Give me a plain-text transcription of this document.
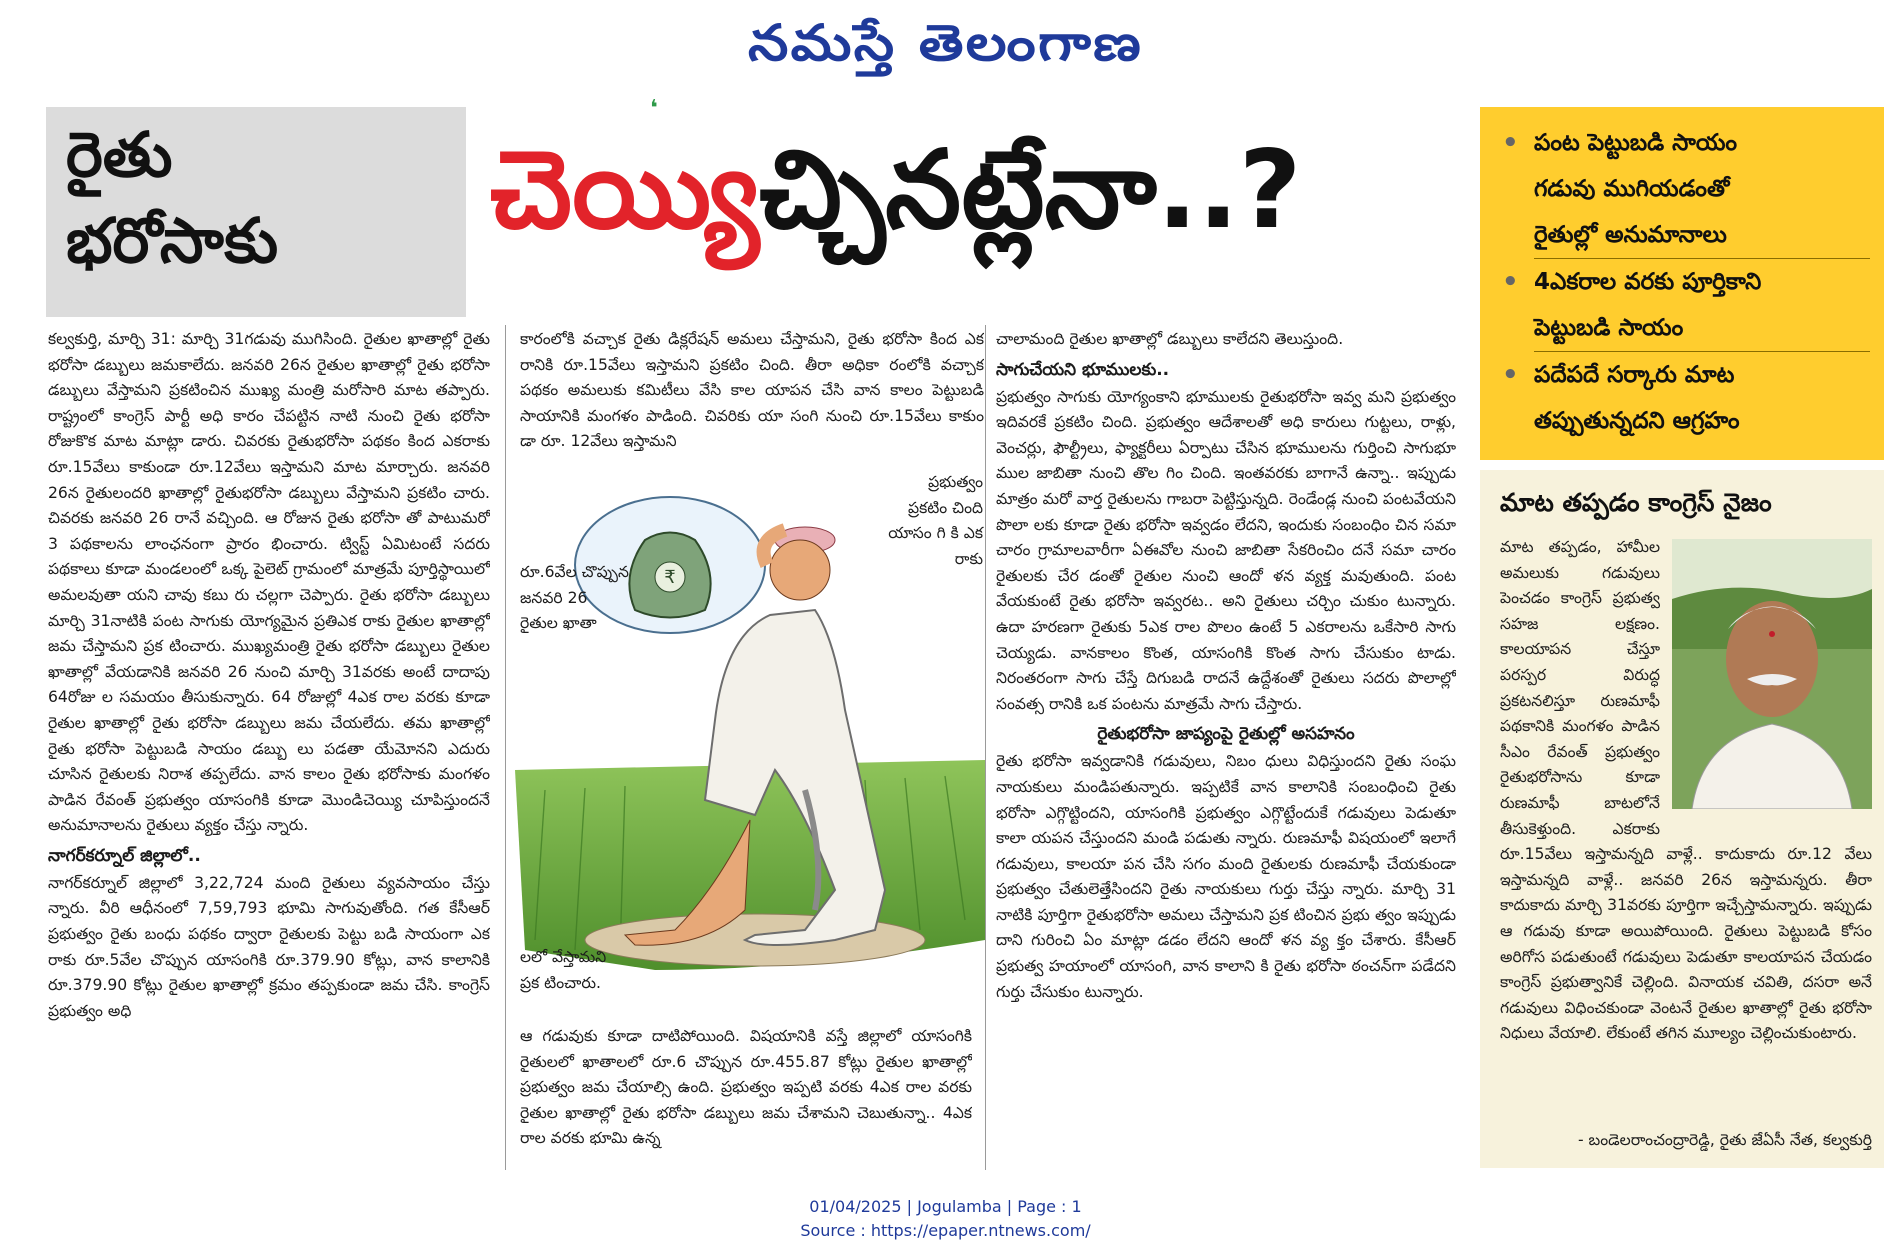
నమస్తే తెలంగాణ
రైతు
భరోసాకు
❛
చెయ్యిచ్చినట్లేనా..?	• పంట పెట్టుబడి సాయం
గడువు ముగియడంతో
రైతుల్లో అనుమానాలు
• 4ఎకరాల వరకు పూర్తికాని
పెట్టుబడి సాయం
• పదేపదే సర్కారు మాట
తప్పుతున్నదని ఆగ్రహం

కల్వకుర్తి, మార్చి 31: మార్చి 31గడువు ముగిసింది. రైతుల ఖాతాల్లో రైతు భరోసా డబ్బులు జమకాలేదు. జనవరి 26న రైతుల ఖాతాల్లో రైతు భరోసా డబ్బులు వేస్తామని ప్రకటించిన ముఖ్య మంత్రి మరోసారి మాట తప్పారు. రాష్ట్రంలో కాంగ్రెస్ పార్టీ అధి కారం చేపట్టిన నాటి నుంచి రైతు భరోసా రోజుకొక మాట మాట్లా డారు. చివరకు రైతుభరోసా పథకం కింద ఎకరాకు రూ.15వేలు కాకుండా రూ.12వేలు ఇస్తామని మాట మార్చారు. జనవరి 26న రైతులందరి ఖాతాల్లో రైతుభరోసా డబ్బులు వేస్తామని ప్రకటిం చారు. చివరకు జనవరి 26 రానే వచ్చింది. ఆ రోజున రైతు భరోసా తో పాటుమరో 3 పథకాలను లాంఛనంగా ప్రారం భించారు. ట్విస్ట్ ఏమిటంటే సదరు పథకాలు కూడా మండలంలో ఒక్క పైలెట్ గ్రామంలో మాత్రమే పూర్తిస్థాయిలో అమలవుతా యని చావు కబు రు చల్లగా చెప్పారు. రైతు భరోసా డబ్బులు మార్చి 31నాటికి పంట సాగుకు యోగ్యమైన ప్రతిఎక రాకు రైతుల ఖాతాల్లో జమ చేస్తామని ప్రక టించారు. ముఖ్యమంత్రి రైతు భరోసా డబ్బులు రైతుల ఖాతాల్లో వేయడానికి జనవరి 26 నుంచి మార్చి 31వరకు అంటే దాదాపు 64రోజు ల సమయం తీసుకున్నారు. 64 రోజుల్లో 4ఎక రాల వరకు కూడా రైతుల ఖాతాల్లో రైతు భరోసా డబ్బులు జమ చేయలేదు. తమ ఖాతాల్లో రైతు భరోసా పెట్టుబడి సాయం డబ్బు లు పడతా యేమోనని ఎదురు చూసిన రైతులకు నిరాశ తప్పలేదు. వాన కాలం రైతు భరోసాకు మంగళం పాడిన రేవంత్ ప్రభుత్వం యాసంగికి కూడా మొండిచెయ్యి చూపిస్తుందనే అనుమానాలను రైతులు వ్యక్తం చేస్తు న్నారు.

నాగర్‌కర్నూల్ జిల్లాలో..

నాగర్‌కర్నూల్ జిల్లాలో 3,22,724 మంది రైతులు వ్యవసాయం చేస్తు న్నారు. వీరి ఆధీనంలో 7,59,793 భూమి సాగువుతోంది. గత కేసీఆర్ ప్రభుత్వం రైతు బంధు పథకం ద్వారా రైతులకు పెట్టు బడి సాయంగా ఎక రాకు రూ.5వేల చొప్పున యాసంగికి రూ.379.90 కోట్లు, వాన కాలానికి రూ.379.90 కోట్లు రైతుల ఖాతాల్లో క్రమం తప్పకుండా జమ చేసి. కాంగ్రెస్ ప్రభుత్వం అధి

కారంలోకి వచ్చాక రైతు డిక్లరేషన్ అమలు చేస్తామని, రైతు భరోసా కింద ఎక రానికి రూ.15వేలు ఇస్తామని ప్రకటిం చింది. తీరా అధికా రంలోకి వచ్చాక పథకం అమలుకు కమిటీలు వేసి కాల యాపన చేసి వాన కాలం పెట్టుబడి సాయానికి మంగళం పాడింది. చివరికు యా సంగి నుంచి రూ.15వేలు కాకుం డా రూ. 12వేలు ఇస్తామని

₹
ప్రభుత్వం ప్రకటిం చింది యాసం గి కి ఎక రాకు
రూ.6వేల చొప్పున జనవరి 26 రైతుల ఖాతా
లలో వేస్తామని ప్రక టించారు.

ఆ గడువుకు కూడా దాటిపోయింది. విషయానికి వస్తే జిల్లాలో యాసంగికి రైతులలో ఖాతాలలో రూ.6 చొప్పున రూ.455.87 కోట్లు రైతుల ఖాతాల్లో ప్రభుత్వం జమ చేయాల్సి ఉంది. ప్రభుత్వం ఇప్పటి వరకు 4ఎక రాల వరకు రైతుల ఖాతాల్లో రైతు భరోసా డబ్బులు జమ చేశామని చెబుతున్నా.. 4ఎక రాల వరకు భూమి ఉన్న

చాలామంది రైతుల ఖాతాల్లో డబ్బులు కాలేదని తెలుస్తుంది.

సాగుచేయని భూములకు..

ప్రభుత్వం సాగుకు యోగ్యంకాని భూములకు రైతుభరోసా ఇవ్వ మని ప్రభుత్వం ఇదివరకే ప్రకటిం చింది. ప్రభుత్వం ఆదేశాలతో అధి కారులు గుట్టలు, రాళ్లు, వెంచర్లు, ఫౌల్ట్రీలు, ఫ్యాక్టరీలు ఏర్పాటు చేసిన భూములను గుర్తించి సాగుభూ ముల జాబితా నుంచి తొల గిం చింది. ఇంతవరకు బాగానే ఉన్నా.. ఇప్పుడు మాత్రం మరో వార్త రైతులను గాబరా పెట్టిస్తున్నది. రెండేండ్ల నుంచి పంటవేయని పొలా లకు కూడా రైతు భరోసా ఇవ్వడం లేదని, ఇందుకు సంబంధిం చిన సమా చారం గ్రామాలవారీగా ఏఈవోల నుంచి జాబితా సేకరించిం దనే సమా చారం రైతులకు చేర డంతో రైతుల నుంచి ఆందో ళన వ్యక్త మవుతుంది. పంట వేయకుంటే రైతు భరోసా ఇవ్వరట.. అని రైతులు చర్చిం చుకుం టున్నారు. ఉదా హరణగా రైతుకు 5ఎక రాల పొలం ఉంటే 5 ఎకరాలను ఒకేసారి సాగు చెయ్యడు. వానకాలం కొంత, యాసంగికి కొంత సాగు చేసుకుం టాడు. నిరంతరంగా సాగు చేస్తే దిగుబడి రాదనే ఉద్దేశంతో రైతులు సదరు పొలాల్లో సంవత్స రానికి ఒక పంటను మాత్రమే సాగు చేస్తారు.

రైతుభరోసా జాప్యంపై రైతుల్లో అసహనం

రైతు భరోసా ఇవ్వడానికి గడువులు, నిబం ధులు విధిస్తుందని రైతు సంఘ నాయకులు మండిపతున్నారు. ఇప్పటికే వాన కాలానికి సంబంధించి రైతు భరోసా ఎగ్గొట్టిందని, యాసంగికి ప్రభుత్వం ఎగ్గొట్టేందుకే గడువులు పెడుతూ కాలా యపన చేస్తుందని మండి పడుతు న్నారు. రుణమాఫీ విషయంలో ఇలాగే గడువులు, కాలయా పన చేసి సగం మంది రైతులకు రుణమాఫీ చేయకుండా ప్రభుత్వం చేతులెత్తేసిందని రైతు నాయకులు గుర్తు చేస్తు న్నారు. మార్చి 31 నాటికి పూర్తిగా రైతుభరోసా అమలు చేస్తామని ప్రక టించిన ప్రభు త్వం ఇప్పుడు దాని గురించి ఏం మాట్లా డడం లేదని ఆందో ళన వ్య క్తం చేశారు. కేసీఆర్ ప్రభుత్వ హయాంలో యాసంగి, వాన కాలాని కి రైతు భరోసా ఠంచన్‌గా పడేదని గుర్తు చేసుకుం టున్నారు.

మాట తప్పడం కాంగ్రెస్ నైజం
మాట తప్పడం, హామీల అమలుకు గడువులు పెంచడం కాంగ్రెస్ ప్రభుత్వ సహజ లక్షణం. కాలయాపన చేస్తూ పరస్పర విరుద్ధ ప్రకటనలిస్తూ రుణమాఫీ పథకానికి మంగళం పాడిన సీఎం రేవంత్ ప్రభుత్వం రైతుభరోసాను కూడా రుణమాఫీ బాటలోనే తీసుకెళ్తుంది. ఎకరాకు రూ.15వేలు ఇస్తామన్నది వాళ్లే.. కాదుకాదు రూ.12 వేలు ఇస్తామన్నది వాళ్లే.. జనవరి 26న ఇస్తామన్నరు. తీరా కాదుకాదు మార్చి 31వరకు పూర్తిగా ఇచ్చేస్తామన్నారు. ఇప్పుడు ఆ గడువు కూడా అయిపోయింది. రైతులు పెట్టుబడి కోసం అరిగోస పడుతుంటే గడువులు పెడుతూ కాలయాపన చేయడం కాంగ్రెస్ ప్రభుత్వానికే చెల్లింది. వినాయక చవితి, దసరా అనే గడువులు విధించకుండా వెంటనే రైతుల ఖాతాల్లో రైతు భరోసా నిధులు వేయాలి. లేకుంటే తగిన మూల్యం చెల్లించుకుంటారు.
- బండెలరాంచంద్రారెడ్డి, రైతు జేఏసీ నేత, కల్వకుర్తి
01/04/2025 | Jogulamba | Page : 1
Source : https://epaper.ntnews.com/
